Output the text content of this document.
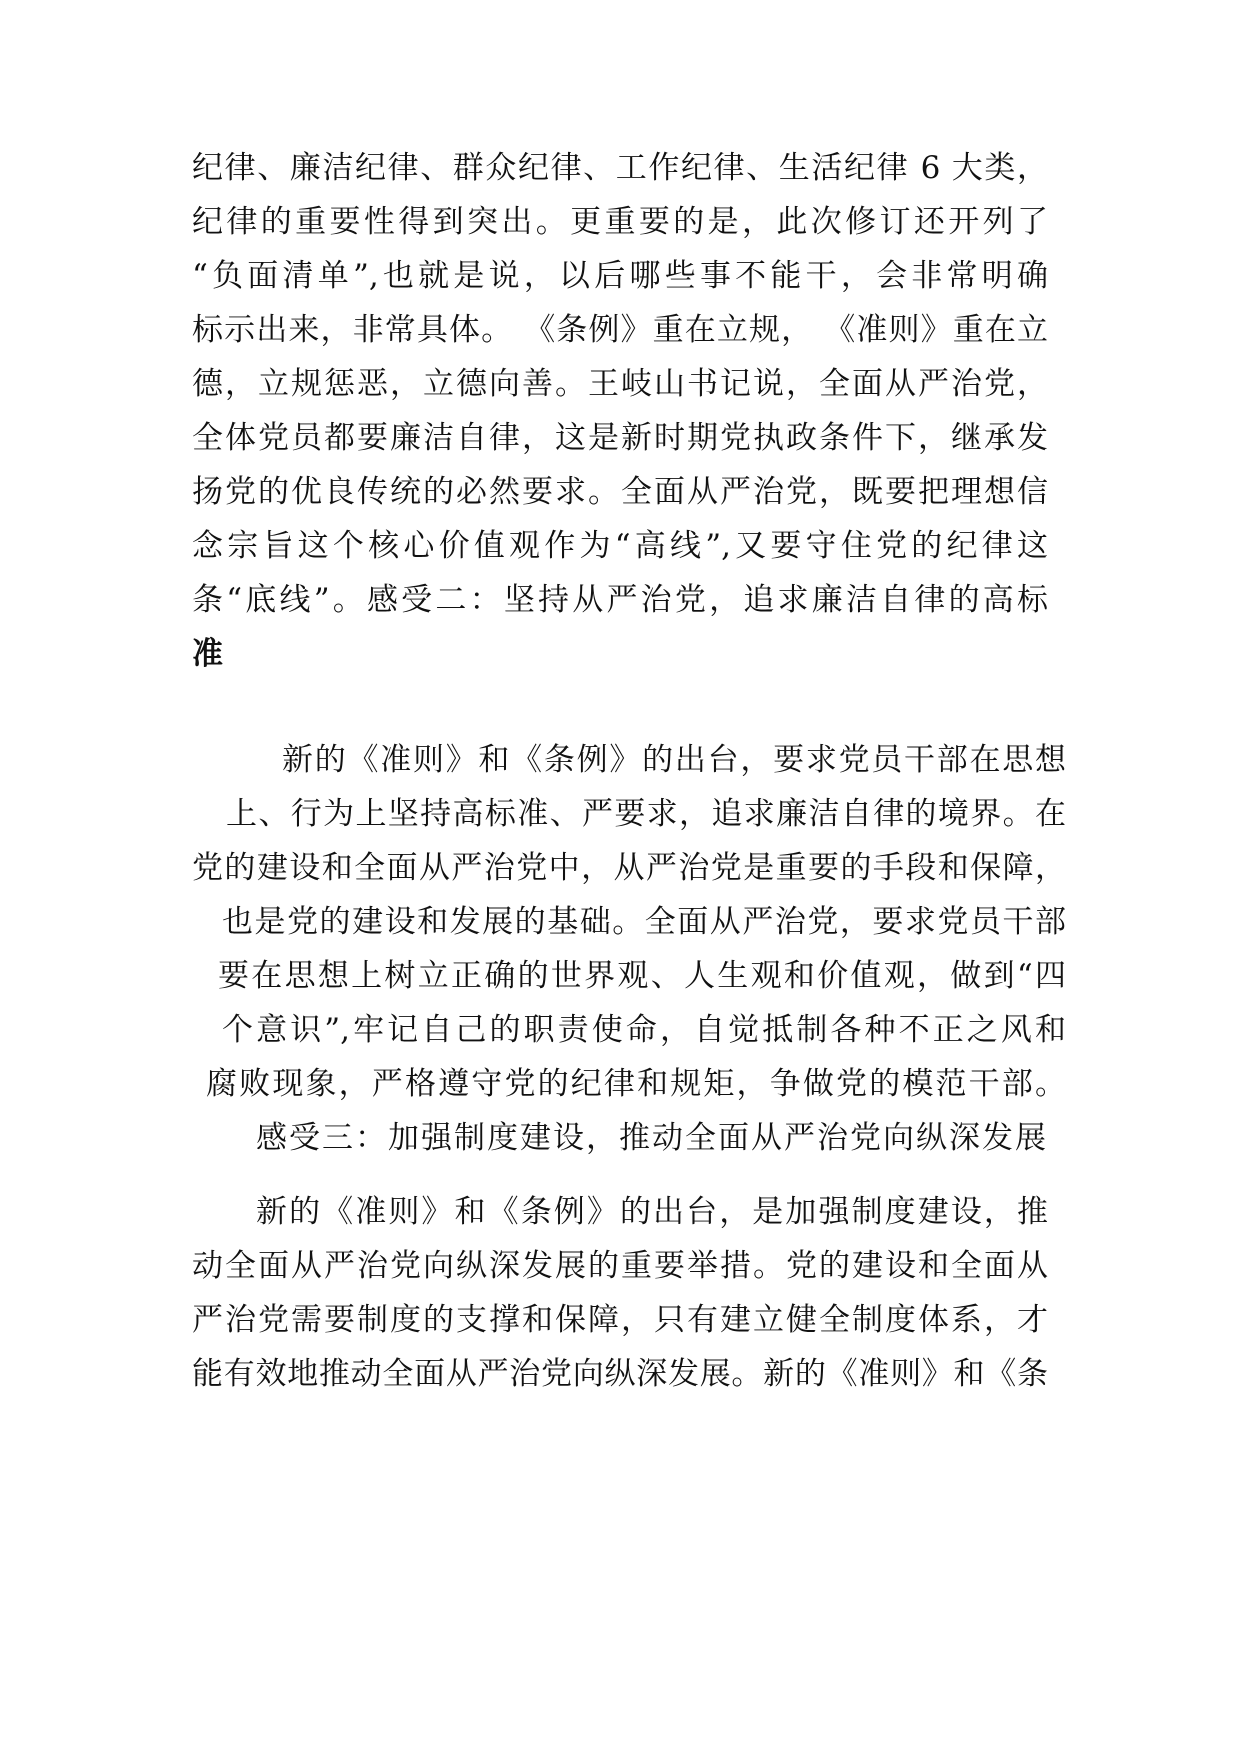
纪律、廉洁纪律、群众纪律、工作纪律、生活纪律 6 大类，
纪律的重要性得到突出。更重要的是，此次修订还开列了
“负面清单”,也就是说，以后哪些事不能干，会非常明确
标示出来，非常具体。 《条例》重在立规， 《准则》重在立
德，立规惩恶，立德向善。王岐山书记说，全面从严治党，
全体党员都要廉洁自律，这是新时期党执政条件下，继承发
扬党的优良传统的必然要求。全面从严治党，既要把理想信
念宗旨这个核心价值观作为“高线”,又要守住党的纪律这
条“底线”。感受二：坚持从严治党，追求廉洁自律的高标
准
新的《准则》和《条例》的出台，要求党员干部在思想
上、行为上坚持高标准、严要求，追求廉洁自律的境界。在
党的建设和全面从严治党中，从严治党是重要的手段和保障，
也是党的建设和发展的基础。全面从严治党，要求党员干部
要在思想上树立正确的世界观、人生观和价值观，做到“四
个意识”,牢记自己的职责使命，自觉抵制各种不正之风和
腐败现象，严格遵守党的纪律和规矩，争做党的模范干部。
感受三：加强制度建设，推动全面从严治党向纵深发展
新的《准则》和《条例》的出台，是加强制度建设，推
动全面从严治党向纵深发展的重要举措。党的建设和全面从
严治党需要制度的支撑和保障，只有建立健全制度体系，才
能有效地推动全面从严治党向纵深发展。新的《准则》和《条
